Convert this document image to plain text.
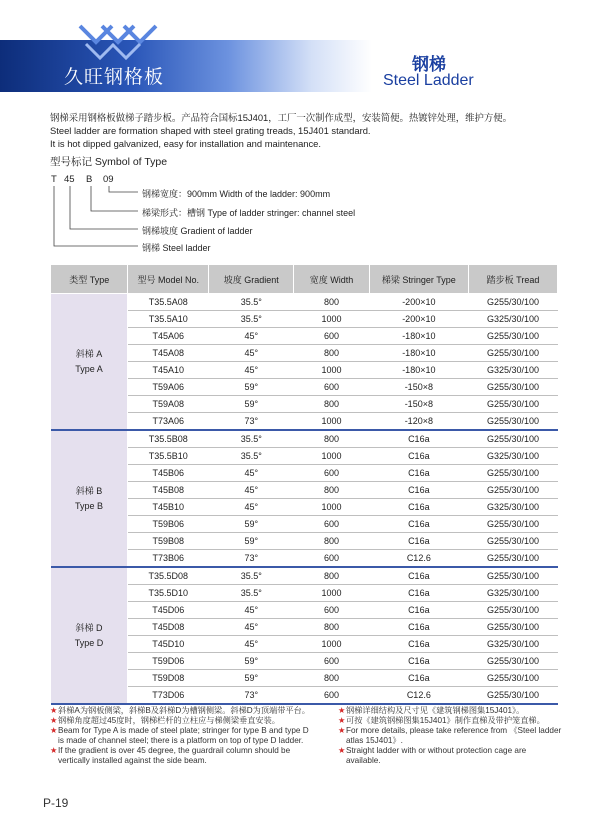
久旺钢格板
钢梯
Steel Ladder
钢梯采用钢格板做梯子踏步板。产品符合国标15J401，工厂一次制作成型，安装简便。热镀锌处理，维护方便。
Steel ladder are formation shaped with steel grating treads, 15J401 standard.
It is hot dipped galvanized, easy for installation and maintenance.
型号标记 Symbol of Type
T 45 B 09
钢梯宽度：900mm Width of the ladder: 900mm
梯梁形式：槽钢 Type of ladder stringer: channel steel
钢梯坡度 Gradient of ladder
钢梯 Steel ladder
类型 Type	型号 Model No.	坡度 Gradient	宽度 Width	梯梁 Stringer Type	踏步板 Tread

斜梯 A
Type A	T35.5A08	35.5°	800	-200×10	G255/30/100
	T35.5A10	35.5°	1000	-200×10	G325/30/100
	T45A06	45°	600	-180×10	G255/30/100
	T45A08	45°	800	-180×10	G255/30/100
	T45A10	45°	1000	-180×10	G325/30/100
	T59A06	59°	600	-150×8	G255/30/100
	T59A08	59°	800	-150×8	G255/30/100
	T73A06	73°	1000	-120×8	G255/30/100

斜梯 B
Type B	T35.5B08	35.5°	800	C16a	G255/30/100
	T35.5B10	35.5°	1000	C16a	G325/30/100
	T45B06	45°	600	C16a	G255/30/100
	T45B08	45°	800	C16a	G255/30/100
	T45B10	45°	1000	C16a	G325/30/100
	T59B06	59°	600	C16a	G255/30/100
	T59B08	59°	800	C16a	G255/30/100
	T73B06	73°	600	C12.6	G255/30/100

斜梯 D
Type D	T35.5D08	35.5°	800	C16a	G255/30/100
	T35.5D10	35.5°	1000	C16a	G325/30/100
	T45D06	45°	600	C16a	G255/30/100
	T45D08	45°	800	C16a	G255/30/100
	T45D10	45°	1000	C16a	G325/30/100
	T59D06	59°	600	C16a	G255/30/100
	T59D08	59°	800	C16a	G255/30/100
	T73D06	73°	600	C12.6	G255/30/100
★ 斜梯A为钢板侧梁，斜梯B及斜梯D为槽钢侧梁。斜梯D为顶端带平台。
★ 钢梯角度超过45度时，钢梯栏杆的立柱应与梯侧梁垂直安装。
★ Beam for Type A is made of steel plate; stringer for type B and type D is made of channel steel; there is a platform on top of type D ladder.
★ If the gradient is over 45 degree, the guardrail column should be vertically installed against the side beam.
★ 钢梯详细结构及尺寸见《建筑钢梯图集15J401》。
★ 可按《建筑钢梯图集15J401》制作直梯及带护笼直梯。
★ For more details, please take reference from 《Steel ladder atlas 15J401》.
★ Straight ladder with or without protection cage are available.
P-19
